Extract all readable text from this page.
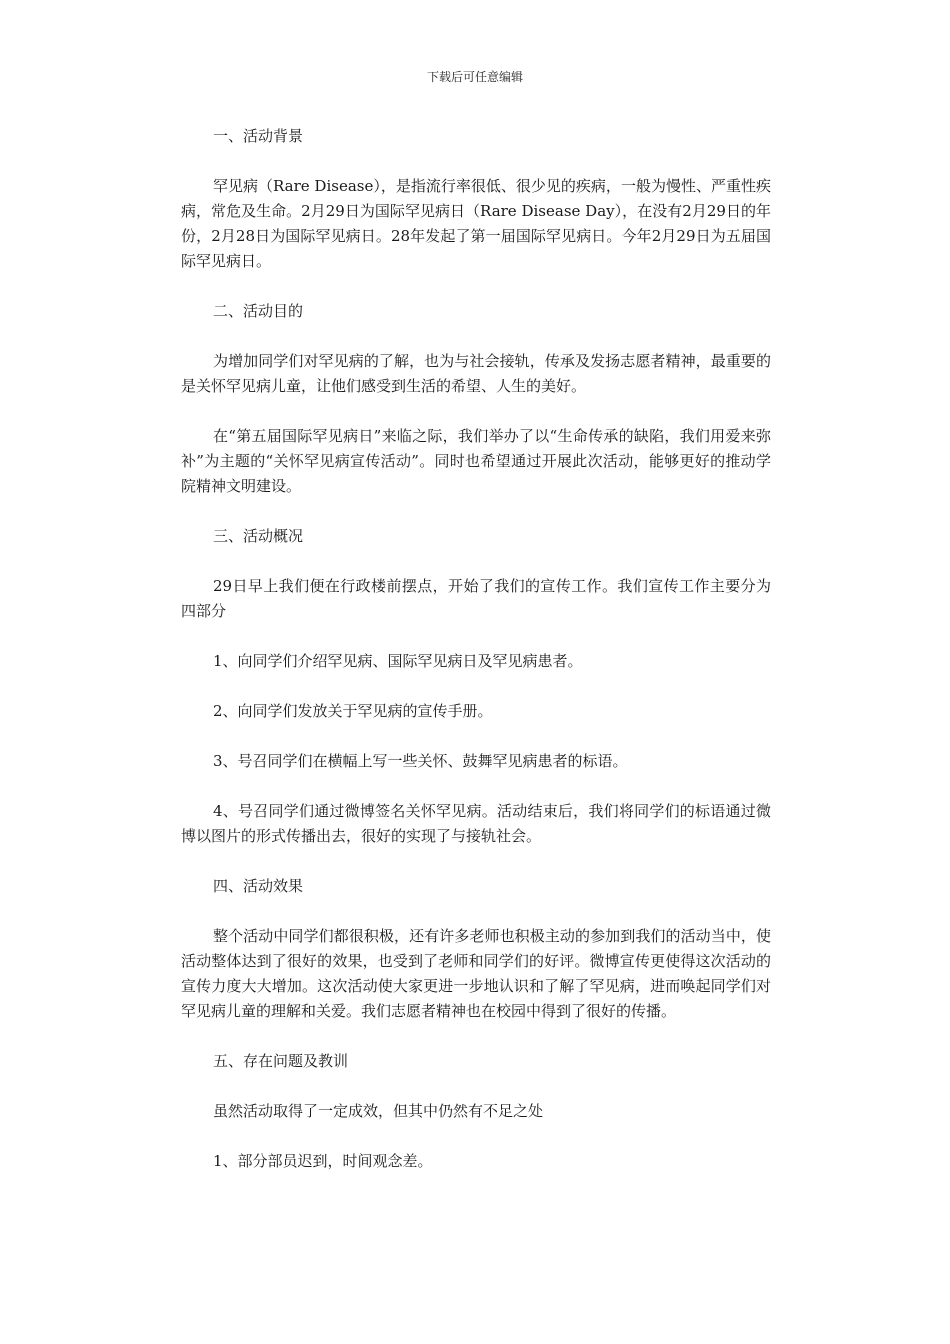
下载后可任意编辑

一、活动背景

罕见病（Rare Disease），是指流行率很低、很少见的疾病，一般为慢性、严重性疾病，常危及生命。2月29日为国际罕见病日（Rare Disease Day），在没有2月29日的年份，2月28日为国际罕见病日。28年发起了第一届国际罕见病日。今年2月29日为五届国际罕见病日。

二、活动目的

为增加同学们对罕见病的了解，也为与社会接轨，传承及发扬志愿者精神，最重要的是关怀罕见病儿童，让他们感受到生活的希望、人生的美好。

在“第五届国际罕见病日”来临之际，我们举办了以“生命传承的缺陷，我们用爱来弥补”为主题的“关怀罕见病宣传活动”。同时也希望通过开展此次活动，能够更好的推动学院精神文明建设。

三、活动概况

29日早上我们便在行政楼前摆点，开始了我们的宣传工作。我们宣传工作主要分为四部分

1、向同学们介绍罕见病、国际罕见病日及罕见病患者。

2、向同学们发放关于罕见病的宣传手册。

3、号召同学们在横幅上写一些关怀、鼓舞罕见病患者的标语。

4、号召同学们通过微博签名关怀罕见病。活动结束后，我们将同学们的标语通过微博以图片的形式传播出去，很好的实现了与接轨社会。

四、活动效果

整个活动中同学们都很积极，还有许多老师也积极主动的参加到我们的活动当中，使活动整体达到了很好的效果，也受到了老师和同学们的好评。微博宣传更使得这次活动的宣传力度大大增加。这次活动使大家更进一步地认识和了解了罕见病，进而唤起同学们对罕见病儿童的理解和关爱。我们志愿者精神也在校园中得到了很好的传播。

五、存在问题及教训

虽然活动取得了一定成效，但其中仍然有不足之处

1、部分部员迟到，时间观念差。
